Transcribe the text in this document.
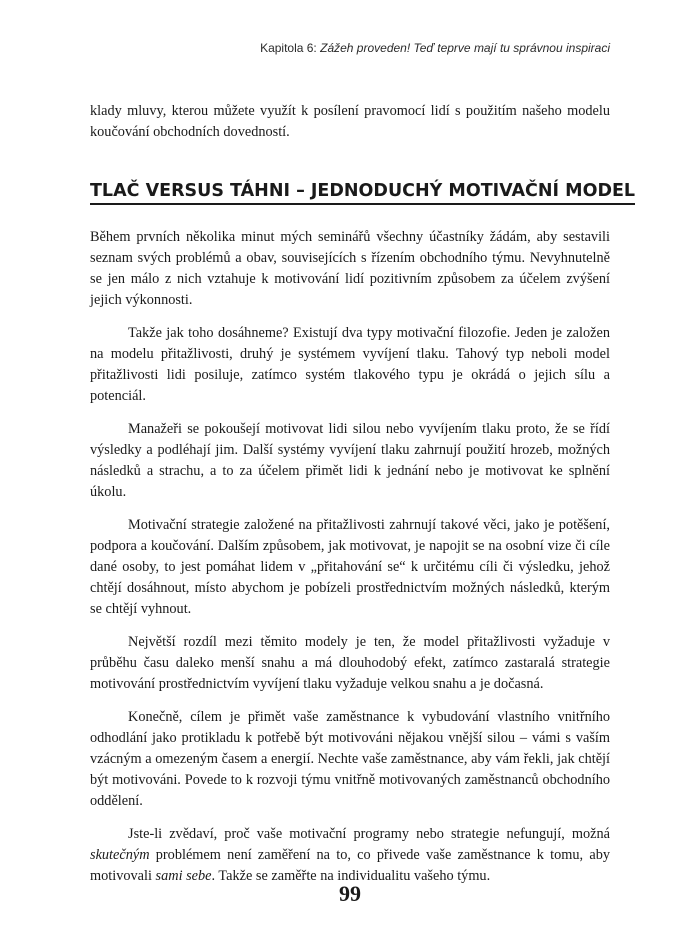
Kapitola 6: Zážeh proveden! Teď teprve mají tu správnou inspiraci

klady mluvy, kterou můžete využít k posílení pravomocí lidí s použitím našeho modelu koučování obchodních dovedností.

TLAČ VERSUS TÁHNI – JEDNODUCHÝ MOTIVAČNÍ MODEL

Během prvních několika minut mých seminářů všechny účastníky žádám, aby sestavili seznam svých problémů a obav, souvisejících s řízením obchodního týmu. Nevyhnutelně se jen málo z nich vztahuje k motivování lidí pozitivním způsobem za účelem zvýšení jejich výkonnosti.

Takže jak toho dosáhneme? Existují dva typy motivační filozofie. Jeden je založen na modelu přitažlivosti, druhý je systémem vyvíjení tlaku. Tahový typ neboli model přitažlivosti lidi posiluje, zatímco systém tlakového typu je okrádá o jejich sílu a potenciál.

Manažeři se pokoušejí motivovat lidi silou nebo vyvíjením tlaku proto, že se řídí výsledky a podléhají jim. Další systémy vyvíjení tlaku zahrnují použití hrozeb, možných následků a strachu, a to za účelem přimět lidi k jednání nebo je motivovat ke splnění úkolu.

Motivační strategie založené na přitažlivosti zahrnují takové věci, jako je potěšení, podpora a koučování. Dalším způsobem, jak motivovat, je napojit se na osobní vize či cíle dané osoby, to jest pomáhat lidem v „přitahování se“ k určitému cíli či výsledku, jehož chtějí dosáhnout, místo abychom je pobízeli prostřednictvím možných následků, kterým se chtějí vyhnout.

Největší rozdíl mezi těmito modely je ten, že model přitažlivosti vyžaduje v průběhu času daleko menší snahu a má dlouhodobý efekt, zatímco zastaralá strategie motivování prostřednictvím vyvíjení tlaku vyžaduje velkou snahu a je dočasná.

Konečně, cílem je přimět vaše zaměstnance k vybudování vlastního vnitřního odhodlání jako protikladu k potřebě být motivováni nějakou vnější silou – vámi s vaším vzácným a omezeným časem a energií. Nechte vaše zaměstnance, aby vám řekli, jak chtějí být motivováni. Povede to k rozvoji týmu vnitřně motivovaných zaměstnanců obchodního oddělení.

Jste-li zvědaví, proč vaše motivační programy nebo strategie nefungují, možná skutečným problémem není zaměření na to, co přivede vaše zaměstnance k tomu, aby motivovali sami sebe. Takže se zaměřte na individualitu vašeho týmu.

99
